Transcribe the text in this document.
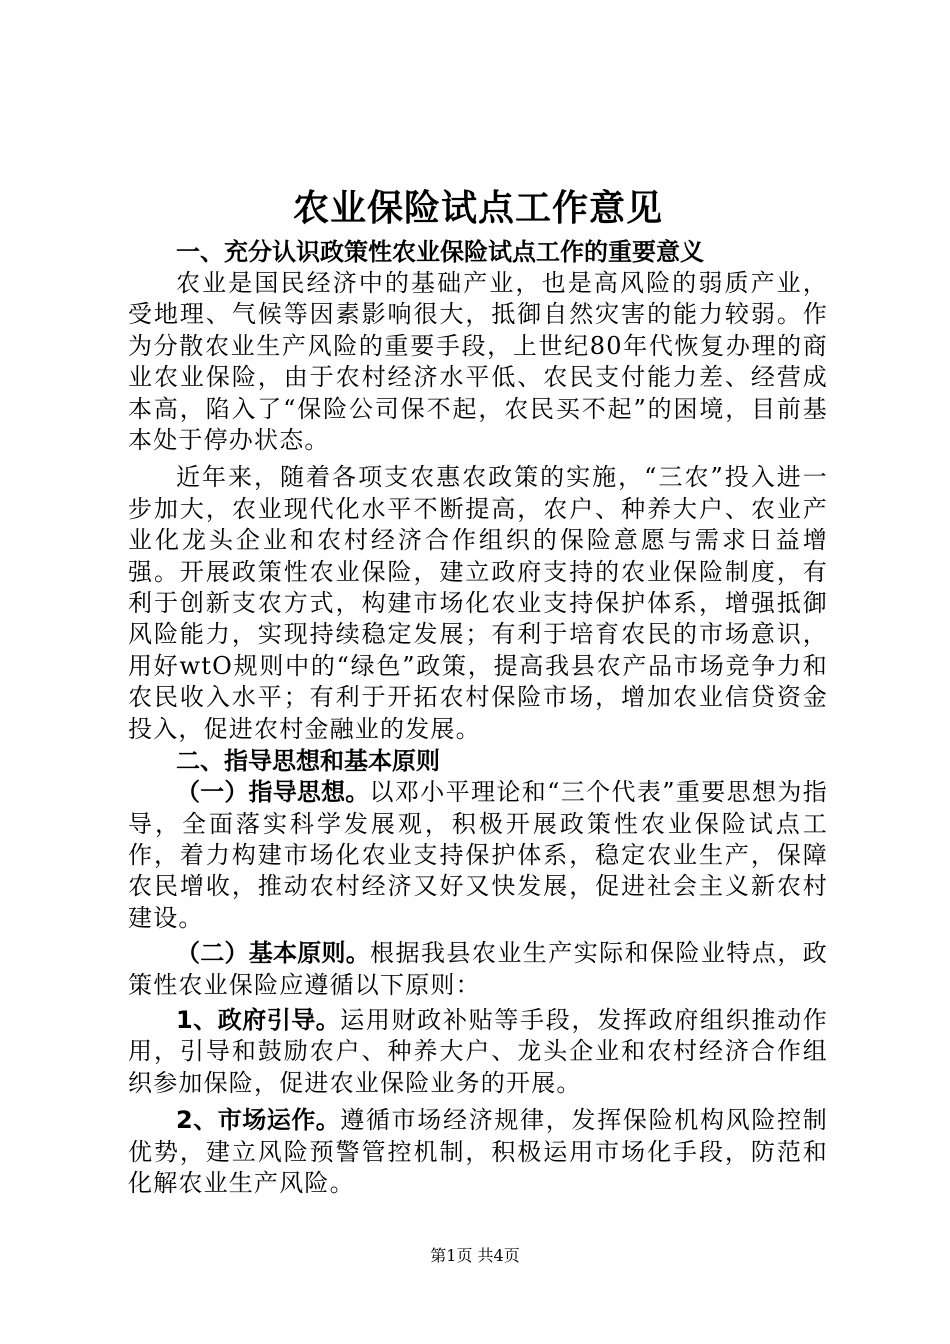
农业保险试点工作意见
一、充分认识政策性农业保险试点工作的重要意义

农业是国民经济中的基础产业，也是高风险的弱质产业，受地理、气候等因素影响很大，抵御自然灾害的能力较弱。作为分散农业生产风险的重要手段，上世纪80年代恢复办理的商业农业保险，由于农村经济水平低、农民支付能力差、经营成本高，陷入了“保险公司保不起，农民买不起”的困境，目前基本处于停办状态。

近年来，随着各项支农惠农政策的实施，“三农”投入进一步加大，农业现代化水平不断提高，农户、种养大户、农业产业化龙头企业和农村经济合作组织的保险意愿与需求日益增强。开展政策性农业保险，建立政府支持的农业保险制度，有利于创新支农方式，构建市场化农业支持保护体系，增强抵御风险能力，实现持续稳定发展；有利于培育农民的市场意识，用好wtO规则中的“绿色”政策，提高我县农产品市场竞争力和农民收入水平；有利于开拓农村保险市场，增加农业信贷资金投入，促进农村金融业的发展。

二、指导思想和基本原则

（一）指导思想。以邓小平理论和“三个代表”重要思想为指导，全面落实科学发展观，积极开展政策性农业保险试点工作，着力构建市场化农业支持保护体系，稳定农业生产，保障农民增收，推动农村经济又好又快发展，促进社会主义新农村建设。

（二）基本原则。根据我县农业生产实际和保险业特点，政策性农业保险应遵循以下原则：

1、政府引导。运用财政补贴等手段，发挥政府组织推动作用，引导和鼓励农户、种养大户、龙头企业和农村经济合作组织参加保险，促进农业保险业务的开展。

2、市场运作。遵循市场经济规律，发挥保险机构风险控制优势，建立风险预警管控机制，积极运用市场化手段，防范和化解农业生产风险。

第1页 共4页
